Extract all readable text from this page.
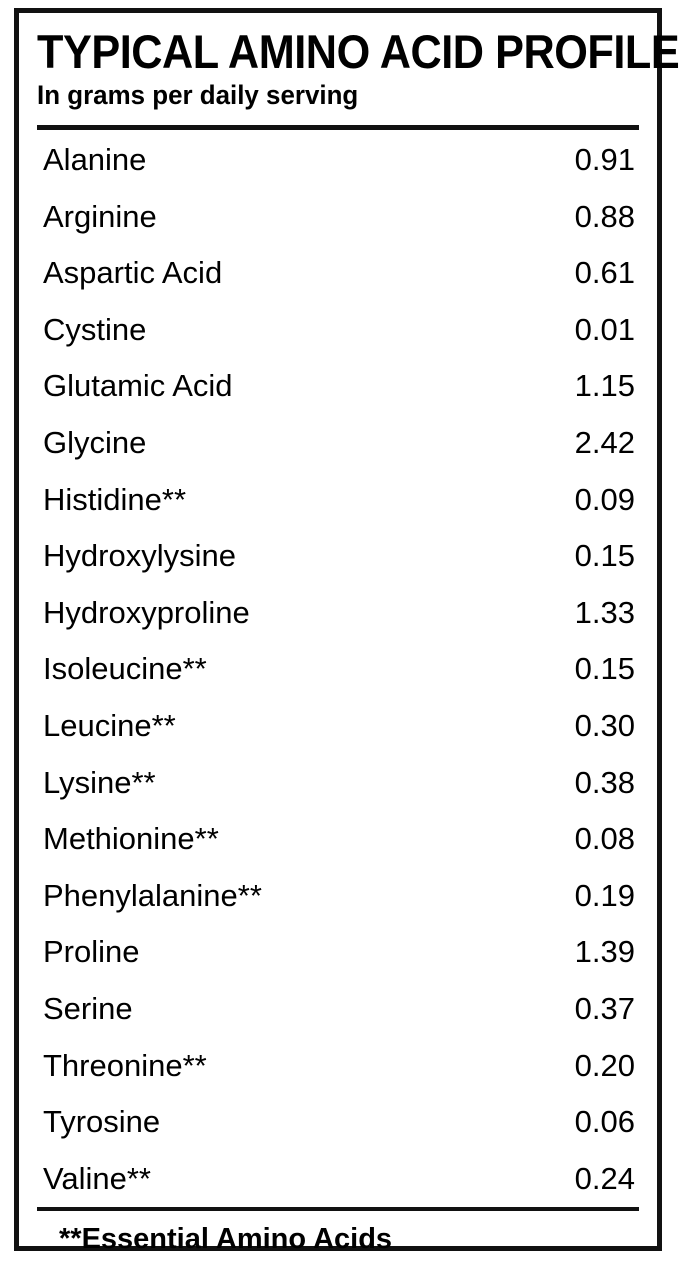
TYPICAL AMINO ACID PROFILE
In grams per daily serving
Alanine	0.91
Arginine	0.88
Aspartic Acid	0.61
Cystine	0.01
Glutamic Acid	1.15
Glycine	2.42
Histidine**	0.09
Hydroxylysine	0.15
Hydroxyproline	1.33
Isoleucine**	0.15
Leucine**	0.30
Lysine**	0.38
Methionine**	0.08
Phenylalanine**	0.19
Proline	1.39
Serine	0.37
Threonine**	0.20
Tyrosine	0.06
Valine**	0.24
**Essential Amino Acids
